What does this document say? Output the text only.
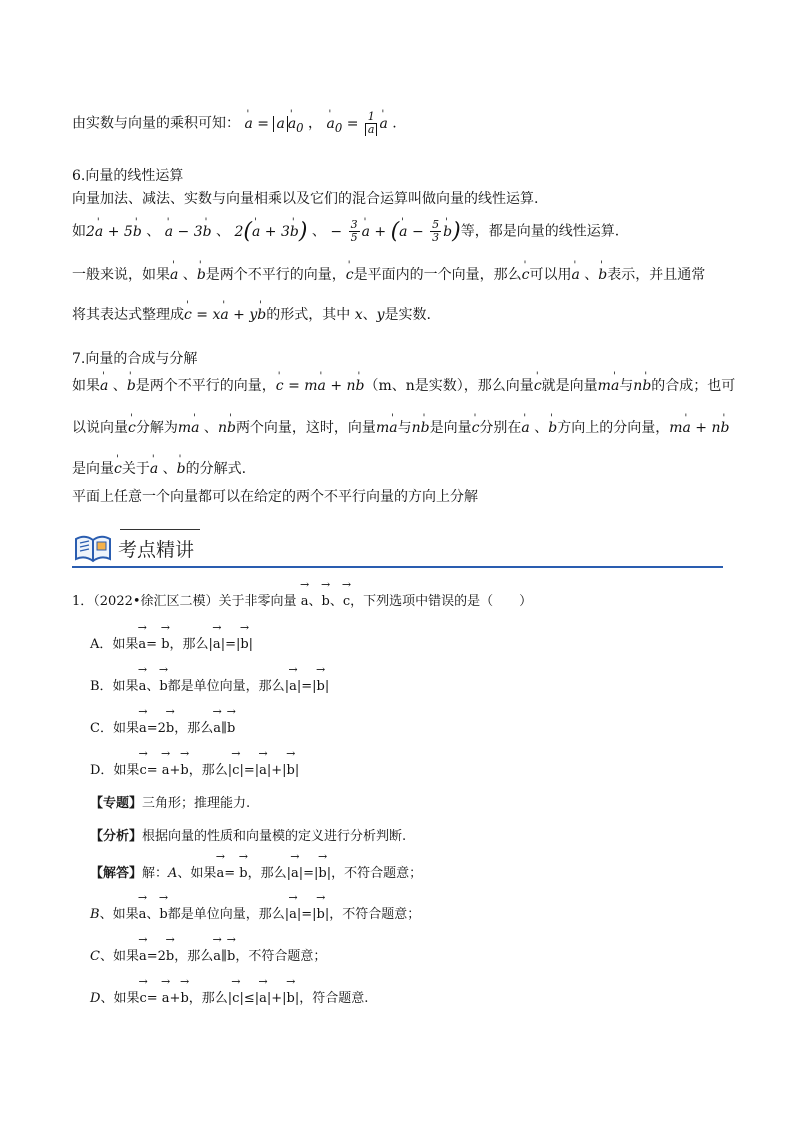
由实数与向量的乘积可知： ' a = a ' $a_0$ ， ' $a_0 = \frac{1}{a}$ ' a .
6.向量的线性运算
向量加法、减法、实数与向量相乘以及它们的混合运算叫做向量的线性运算.
如2' a + 5' b 、 ' a − 3' b 、 2(' a + 3' b) 、 − $\frac{3}{5}$ ' a + (' $a - \frac{5}{3}$ ' b)等，都是向量的线性运算.
一般来说，如果' a 、' b是两个不平行的向量，' c是平面内的一个向量，那么' c可以用' a 、' b表示，并且通常
将其表达式整理成' c = x' a + y' b的形式，其中 x、y是实数.
7.向量的合成与分解
如果' a 、' b是两个不平行的向量，' c = m' a + n' b（m、n是实数），那么向量' c就是向量m' a与n' b的合成；也可
以说向量' c分解为m' a 、n' b两个向量，这时，向量m' a与n' b是向量' c分别在' a 、' b方向上的分向量，m' a + n' b
是向量' c关于' a 、' b的分解式.
平面上任意一个向量都可以在给定的两个不平行向量的方向上分解
考点精讲
1．（2022•徐汇区二模）关于非零向量 → a、→ b、→ c，下列选项中错误的是（　　）
A．如果→ a= → b，那么|→ a|=|→ b|
B．如果→ a、→ b都是单位向量，那么|→ a|=|→ b|
C．如果→ a=2→ b，那么→ a∥→ b
D．如果→ c= → a+→ b，那么|→ c|=|→ a|+|→ b|
【专题】三角形；推理能力.
【分析】根据向量的性质和向量模的定义进行分析判断.
【解答】解：A、如果→ a= → b，那么|→ a|=|→ b|，不符合题意；
B、如果→ a、→ b都是单位向量，那么|→ a|=|→ b|，不符合题意；
C、如果→ a=2→ b，那么→ a∥→ b，不符合题意；
D、如果→ c= → a+→ b，那么|→ c|≤|→ a|+|→ b|，符合题意.
